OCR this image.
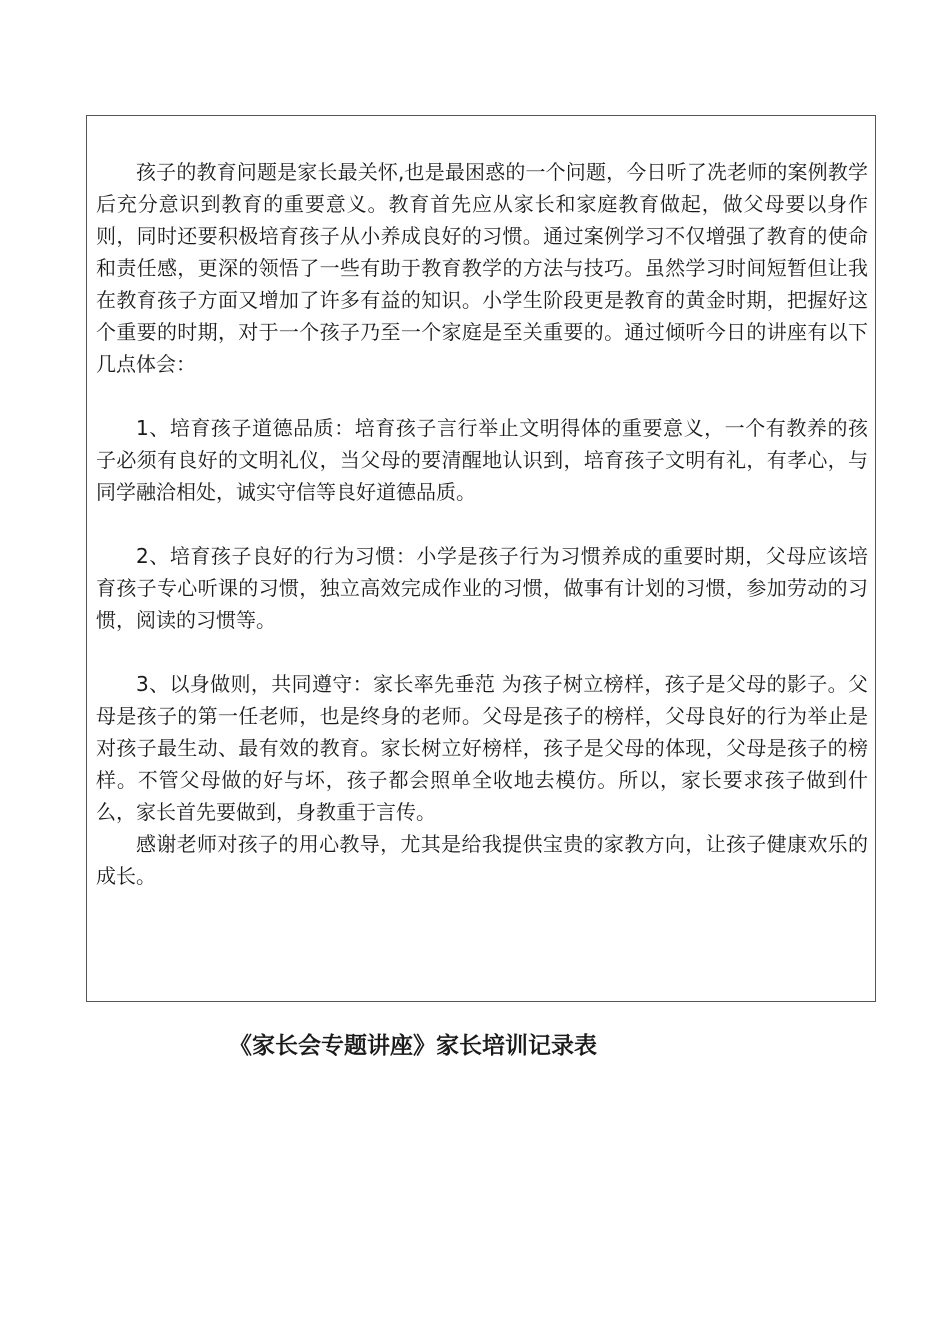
孩子的教育问题是家长最关怀,也是最困惑的一个问题，今日听了冼老师的案例教学后充分意识到教育的重要意义。教育首先应从家长和家庭教育做起，做父母要以身作则，同时还要积极培育孩子从小养成良好的习惯。通过案例学习不仅增强了教育的使命和责任感，更深的领悟了一些有助于教育教学的方法与技巧。虽然学习时间短暂但让我在教育孩子方面又增加了许多有益的知识。小学生阶段更是教育的黄金时期，把握好这个重要的时期，对于一个孩子乃至一个家庭是至关重要的。通过倾听今日的讲座有以下几点体会：

1、培育孩子道德品质：培育孩子言行举止文明得体的重要意义，一个有教养的孩子必须有良好的文明礼仪，当父母的要清醒地认识到，培育孩子文明有礼，有孝心，与同学融洽相处，诚实守信等良好道德品质。

2、培育孩子良好的行为习惯：小学是孩子行为习惯养成的重要时期，父母应该培育孩子专心听课的习惯，独立高效完成作业的习惯，做事有计划的习惯，参加劳动的习惯，阅读的习惯等。

3、以身做则，共同遵守：家长率先垂范 为孩子树立榜样，孩子是父母的影子。父母是孩子的第一任老师，也是终身的老师。父母是孩子的榜样，父母良好的行为举止是对孩子最生动、最有效的教育。家长树立好榜样，孩子是父母的体现，父母是孩子的榜样。不管父母做的好与坏，孩子都会照单全收地去模仿。所以，家长要求孩子做到什么，家长首先要做到，身教重于言传。

感谢老师对孩子的用心教导，尤其是给我提供宝贵的家教方向，让孩子健康欢乐的成长。

《家长会专题讲座》家长培训记录表
